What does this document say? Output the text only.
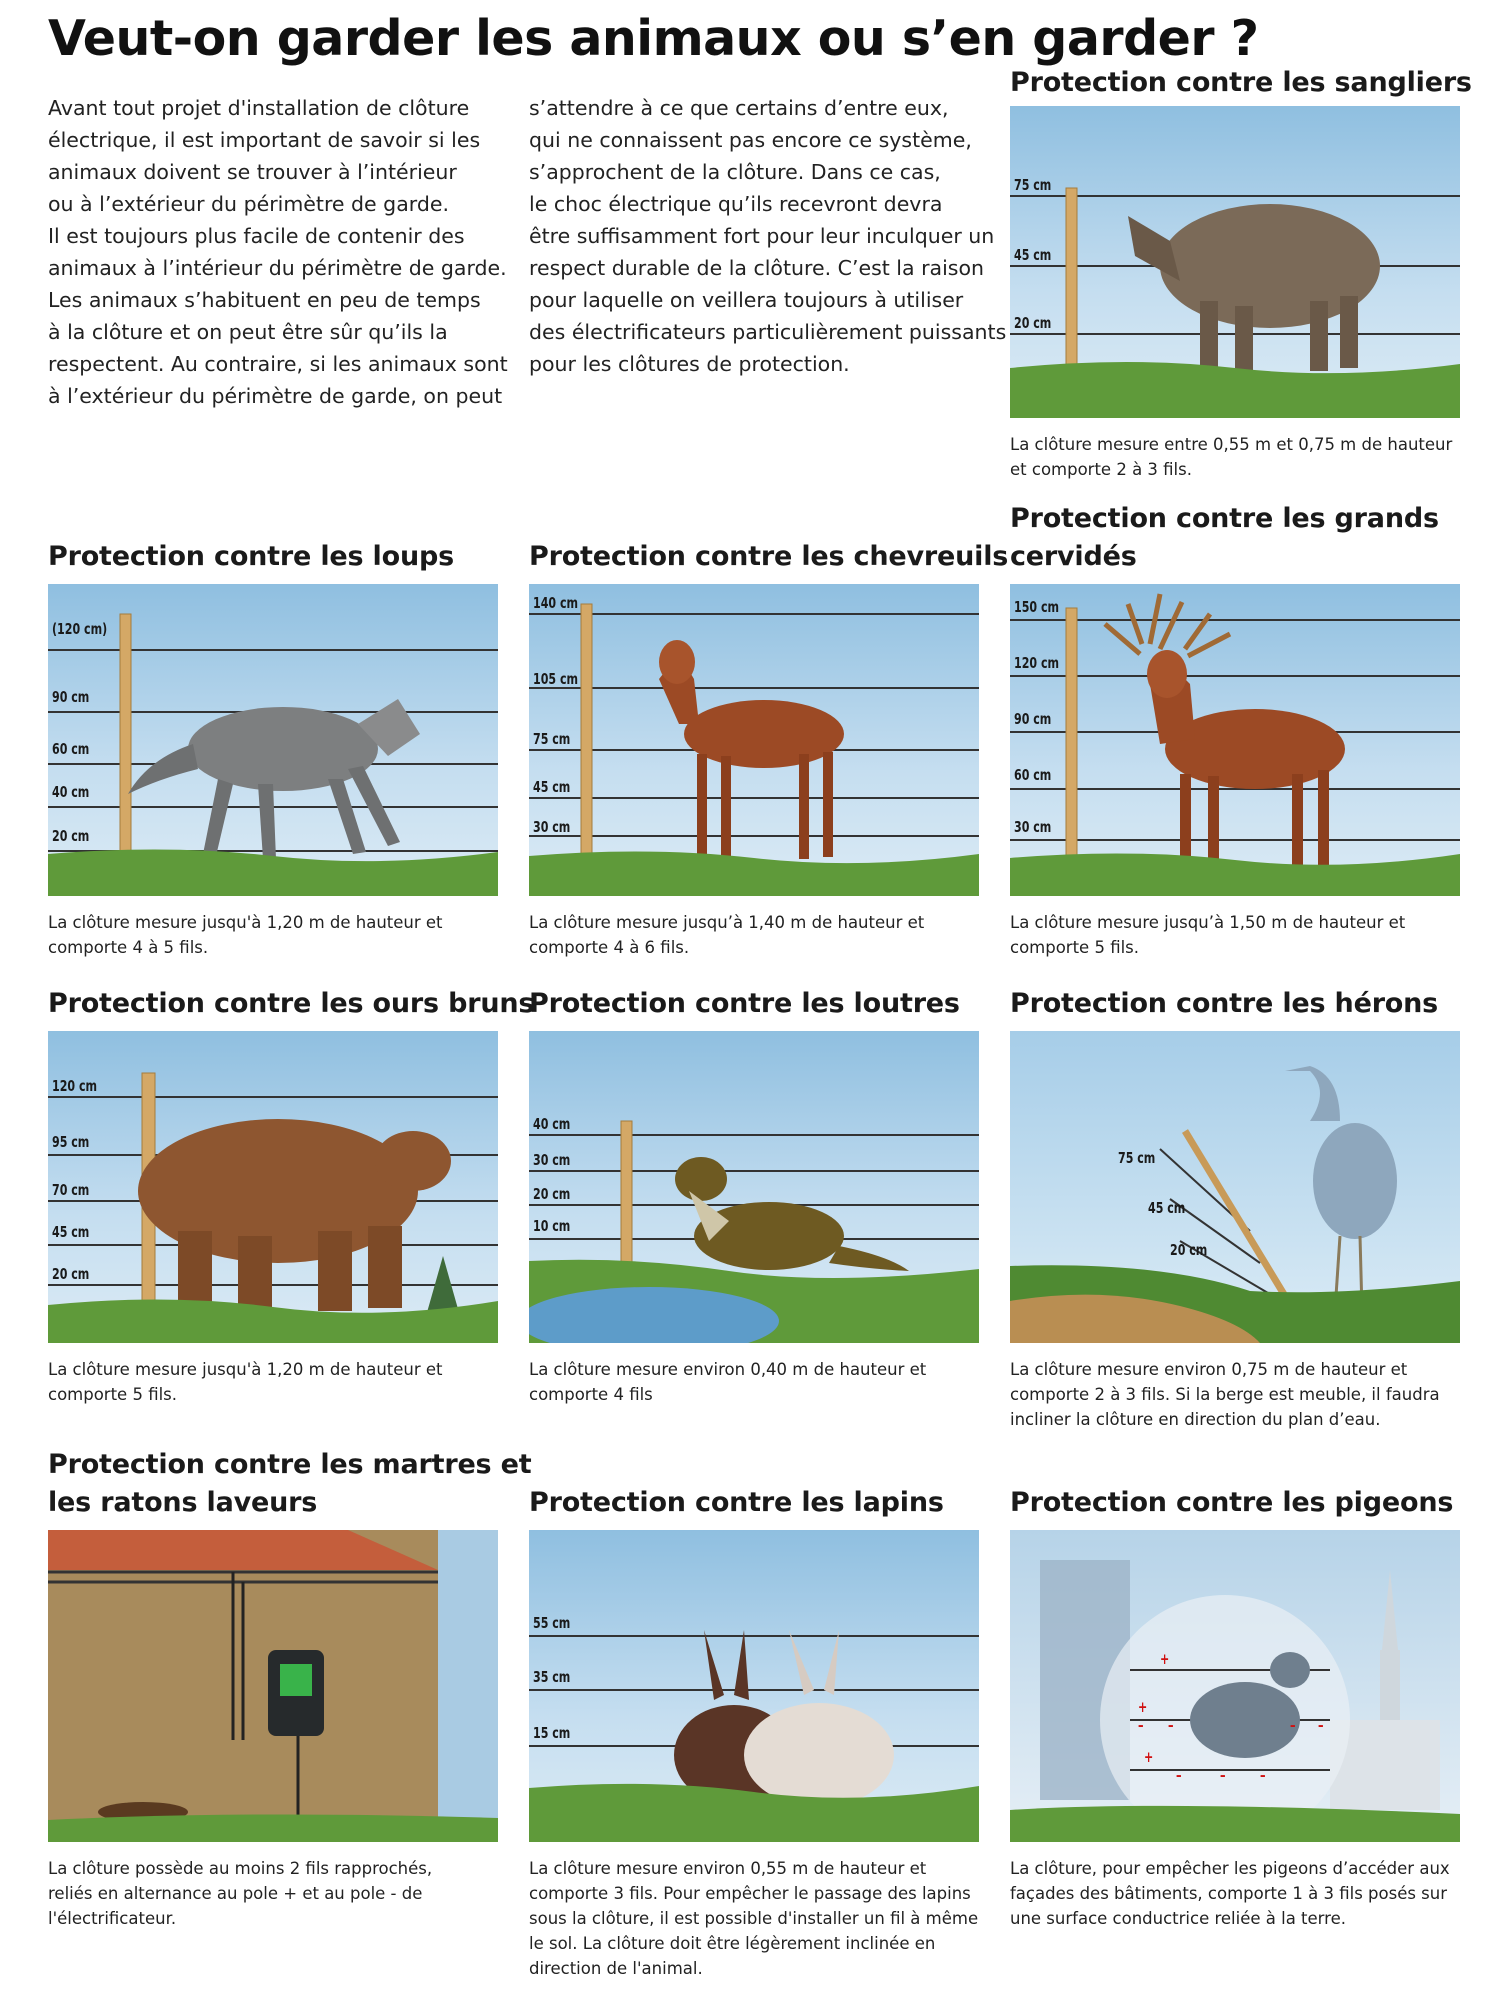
Veut-on garder les animaux ou s’en garder ?

Avant tout projet d'installation de clôture

électrique, il est important de savoir si les

animaux doivent se trouver à l’intérieur

ou à l’extérieur du périmètre de garde.

Il est toujours plus facile de contenir des

animaux à l’intérieur du périmètre de garde.

Les animaux s’habituent en peu de temps

à la clôture et on peut être sûr qu’ils la

respectent. Au contraire, si les animaux sont

à l’extérieur du périmètre de garde, on peut

s’attendre à ce que certains d’entre eux,

qui ne connaissent pas encore ce système,

s’approchent de la clôture. Dans ce cas,

le choc électrique qu’ils recevront devra

être suffisamment fort pour leur inculquer un

respect durable de la clôture. C’est la raison

pour laquelle on veillera toujours à utiliser

des électrificateurs particulièrement puissants

pour les clôtures de protection.

Protection contre les sangliers
75 cm
45 cm
20 cm

La clôture mesure entre 0,55 m et 0,75 m de hauteur

et comporte 2 à 3 fils.

Protection contre les loups
(120 cm)
90 cm
60 cm
40 cm
20 cm

La clôture mesure jusqu'à 1,20 m de hauteur et

comporte 4 à 5 fils.

Protection contre les chevreuils
140 cm
105 cm
75 cm
45 cm
30 cm

La clôture mesure jusqu’à 1,40 m de hauteur et

comporte 4 à 6 fils.

Protection contre les grands
cervidés
150 cm
120 cm
90 cm
60 cm
30 cm

La clôture mesure jusqu’à 1,50 m de hauteur et

comporte 5 fils.

Protection contre les ours bruns
120 cm
95 cm
70 cm
45 cm
20 cm

La clôture mesure jusqu'à 1,20 m de hauteur et

comporte 5 fils.

Protection contre les loutres
40 cm
30 cm
20 cm
10 cm

La clôture mesure environ 0,40 m de hauteur et

comporte 4 fils

Protection contre les hérons
75 cm
45 cm
20 cm

La clôture mesure environ 0,75 m de hauteur et

comporte 2 à 3 fils. Si la berge est meuble, il faudra

incliner la clôture en direction du plan d’eau.

Protection contre les martres et
les ratons laveurs

La clôture possède au moins 2 fils rapprochés,

reliés en alternance au pole + et au pole - de

l'électrificateur.

Protection contre les lapins
55 cm
35 cm
15 cm

La clôture mesure environ 0,55 m de hauteur et

comporte 3 fils. Pour empêcher le passage des lapins

sous la clôture, il est possible d'installer un fil à même

le sol. La clôture doit être légèrement inclinée en

direction de l'animal.

Protection contre les pigeons
+
+
+
– –	– –
–	– –

La clôture, pour empêcher les pigeons d’accéder aux

façades des bâtiments, comporte 1 à 3 fils posés sur

une surface conductrice reliée à la terre.
